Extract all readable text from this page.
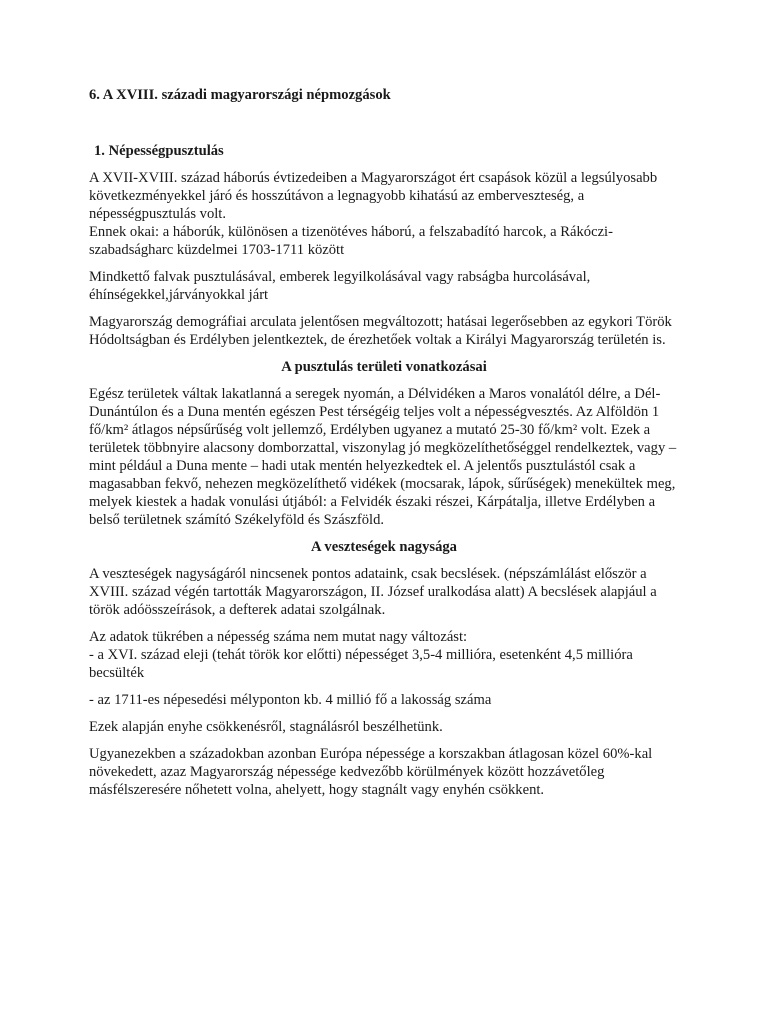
6. A XVIII. századi magyarországi népmozgások
1. Népességpusztulás

A XVII-XVIII. század háborús évtizedeiben a Magyarországot ért csapások közül a legsúlyosabb következményekkel járó és hosszútávon a legnagyobb kihatású az emberveszteség, a népességpusztulás volt.
Ennek okai: a háborúk, különösen a tizenötéves háború, a felszabadító harcok, a Rákóczi-szabadságharc küzdelmei 1703-1711 között

Mindkettő falvak pusztulásával, emberek legyilkolásával vagy rabságba hurcolásával, éhínségekkel,járványokkal járt

Magyarország demográfiai arculata jelentősen megváltozott; hatásai legerősebben az egykori Török Hódoltságban és Erdélyben jelentkeztek, de érezhetőek voltak a Királyi Magyarország területén is.

A pusztulás területi vonatkozásai

Egész területek váltak lakatlanná a seregek nyomán, a Délvidéken a Maros vonalától délre, a Dél-Dunántúlon és a Duna mentén egészen Pest térségéig teljes volt a népességvesztés. Az Alföldön 1 fő/km² átlagos népsűrűség volt jellemző, Erdélyben ugyanez a mutató 25-30 fő/km² volt. Ezek a területek többnyire alacsony domborzattal, viszonylag jó megközelíthetőséggel rendelkeztek, vagy – mint például a Duna mente – hadi utak mentén helyezkedtek el. A jelentős pusztulástól csak a magasabban fekvő, nehezen megközelíthető vidékek (mocsarak, lápok, sűrűségek) menekültek meg, melyek kiestek a hadak vonulási útjából: a Felvidék északi részei, Kárpátalja, illetve Erdélyben a belső területnek számító Székelyföld és Szászföld.

A veszteségek nagysága

A veszteségek nagyságáról nincsenek pontos adataink, csak becslések. (népszámlálást először a XVIII. század végén tartották Magyarországon, II. József uralkodása alatt) A becslések alapjául a török adóösszeírások, a defterek adatai szolgálnak.

Az adatok tükrében a népesség száma nem mutat nagy változást:
- a XVI. század eleji (tehát török kor előtti) népességet 3,5-4 millióra, esetenként 4,5 millióra becsülték

- az 1711-es népesedési mélyponton kb. 4 millió fő a lakosság száma

Ezek alapján enyhe csökkenésről, stagnálásról beszélhetünk.

Ugyanezekben a századokban azonban Európa népessége a korszakban átlagosan közel 60%-kal növekedett, azaz Magyarország népessége kedvezőbb körülmények között hozzávetőleg másfélszeresére nőhetett volna, ahelyett, hogy stagnált vagy enyhén csökkent.
